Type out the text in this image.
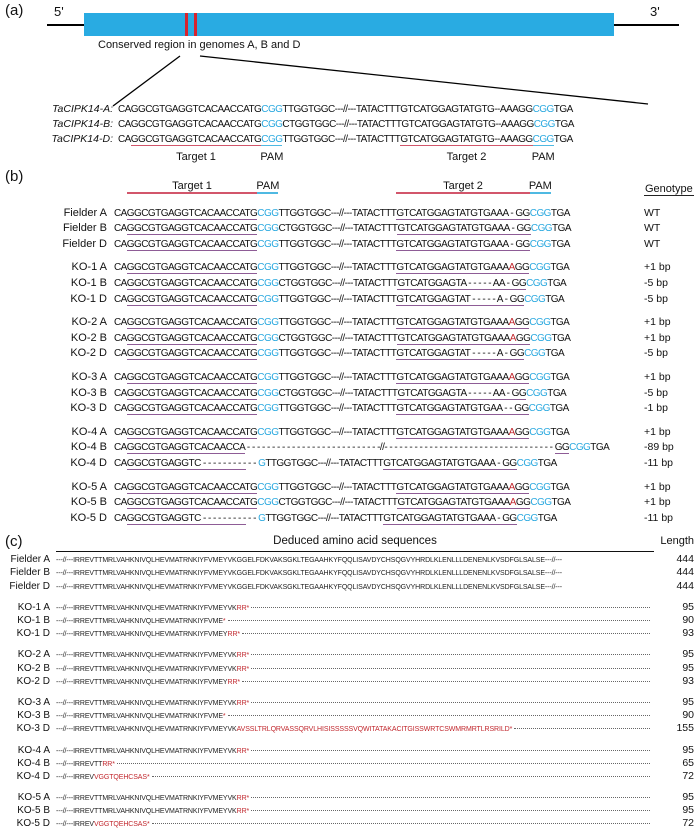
(a) 5'	3'
Conserved region in genomes A, B and D
TaCIPK14-A: CAGGCGTGAGGTCACAACCATGCGGTTGGTGGC---//---TATACTTTGTCATGGAGTATGTG--AAAGGCGGTGA
TaCIPK14-B: CAGGCGTGAGGTCACAACCATGCGGCTGGTGGC---//---TATACTTTGTCATGGAGTATGTG--AAAGGCGGTGA
TaCIPK14-D: CAGGCGTGAGGTCACAACCATGCGGTTGGTGGC---//---TATACTTTGTCATGGAGTATGTG--AAAGGCGGTGA
Target 1	PAM	Target 2	PAM
(b)
Target 1	PAM	Target 2	PAM	Genotype
Fielder A CAGGCGTGAGGTCACAACCATGCGGTTGGTGGC---//---TATACTTTGTCATGGAGTATGTGAAA - GGCGGTGA	WT
Fielder B CAGGCGTGAGGTCACAACCATGCGGCTGGTGGC---//---TATACTTTGTCATGGAGTATGTGAAA - GGCGGTGA	WT
Fielder D CAGGCGTGAGGTCACAACCATGCGGTTGGTGGC---//---TATACTTTGTCATGGAGTATGTGAAA - GGCGGTGA	WT
KO-1 A CAGGCGTGAGGTCACAACCATGCGGTTGGTGGC---//---TATACTTTGTCATGGAGTATGTGAAAAGGCGGTGA	+1 bp
KO-1 B CAGGCGTGAGGTCACAACCATGCGGCTGGTGGC---//---TATACTTTGTCATGGAGTA - - - - - AA - GGCGGTGA	-5 bp
KO-1 D CAGGCGTGAGGTCACAACCATGCGGTTGGTGGC---//---TATACTTTGTCATGGAGTAT - - - - - A - GGCGGTGA	-5 bp
KO-2 A CAGGCGTGAGGTCACAACCATGCGGTTGGTGGC---//---TATACTTTGTCATGGAGTATGTGAAAAGGCGGTGA	+1 bp
KO-2 B CAGGCGTGAGGTCACAACCATGCGGCTGGTGGC---//---TATACTTTGTCATGGAGTATGTGAAAAGGCGGTGA	+1 bp
KO-2 D CAGGCGTGAGGTCACAACCATGCGGTTGGTGGC---//---TATACTTTGTCATGGAGTAT - - - - - A - GGCGGTGA	-5 bp
KO-3 A CAGGCGTGAGGTCACAACCATGCGGTTGGTGGC---//---TATACTTTGTCATGGAGTATGTGAAAAGGCGGTGA	+1 bp
KO-3 B CAGGCGTGAGGTCACAACCATGCGGCTGGTGGC---//---TATACTTTGTCATGGAGTA - - - - - AA - GGCGGTGA	-5 bp
KO-3 D CAGGCGTGAGGTCACAACCATGCGGTTGGTGGC---//---TATACTTTGTCATGGAGTATGTGAA - - GGCGGTGA	-1 bp
KO-4 A CAGGCGTGAGGTCACAACCATGCGGTTGGTGGC---//---TATACTTTGTCATGGAGTATGTGAAAAGGCGGTGA	+1 bp
KO-4 B CAGGCGTGAGGTCACAACCA - - - - - - - - - - - - - - - - - - - - - - - - - - -//- - - - - - - - - - - - - - - - - - - - - - - - - - - - - - - - - - GGCGGTGA	-89 bp
KO-4 D CAGGCGTGAGGTC - - - - - - - - - - - GTTGGTGGC---//---TATACTTTGTCATGGAGTATGTGAAA - GGCGGTGA	-11 bp
KO-5 A CAGGCGTGAGGTCACAACCATGCGGTTGGTGGC---//---TATACTTTGTCATGGAGTATGTGAAAAGGCGGTGA	+1 bp
KO-5 B CAGGCGTGAGGTCACAACCATGCGGCTGGTGGC---//---TATACTTTGTCATGGAGTATGTGAAAAGGCGGTGA	+1 bp
KO-5 D CAGGCGTGAGGTC - - - - - - - - - - - GTTGGTGGC---//---TATACTTTGTCATGGAGTATGTGAAA - GGCGGTGA	-11 bp
(c)	Deduced amino acid sequences	Length
Fielder A ---//---IRREVTTMRLVAHKNIVQLHEVMATRNKIYFVMEYVKGGELFDKVAKSGKLTEGAAHKYFQQLISAVDYCHSQGVYHRDLKLENLLLDENENLKVSDFGLSALSE---//---	444
Fielder B ---//---IRREVTTMRLVAHKNIVQLHEVMATRNKIYFVMEYVKGGELFDKVAKSGKLTEGAAHKYFQQLISAVDYCHSQGVYHRDLKLENLLLDENENLKVSDFGLSALSE---//---	444
Fielder D ---//---IRREVTTMRLVAHKNIVQLHEVMATRNKIYFVMEYVKGGELFDKVAKSGKLTEGAAHKYFQQLISAVDYCHSQGVYHRDLKLENLLLDENENLKVSDFGLSALSE---//---	444
KO-1 A ---//---IRREVTTMRLVAHKNIVQLHEVMATRNKIYFVMEYVK RR*	95
KO-1 B ---//---IRREVTTMRLVAHKNIVQLHEVMATRNKIYFVME *	90
KO-1 D ---//---IRREVTTMRLVAHKNIVQLHEVMATRNKIYFVMEY RR*	93
KO-2 A ---//---IRREVTTMRLVAHKNIVQLHEVMATRNKIYFVMEYVK RR*	95
KO-2 B ---//---IRREVTTMRLVAHKNIVQLHEVMATRNKIYFVMEYVK RR*	95
KO-2 D ---//---IRREVTTMRLVAHKNIVQLHEVMATRNKIYFVMEY RR*	93
KO-3 A ---//---IRREVTTMRLVAHKNIVQLHEVMATRNKIYFVMEYVK RR*	95
KO-3 B ---//---IRREVTTMRLVAHKNIVQLHEVMATRNKIYFVME *	90
KO-3 D ---//---IRREVTTMRLVAHKNIVQLHEVMATRNKIYFVMEYVK AVSSLTRLQRVASSQRVLHISISSSSSVQWITATAKACITGISSWRTCSWMRMRTLRSRILD*	155
KO-4 A ---//---IRREVTTMRLVAHKNIVQLHEVMATRNKIYFVMEYVK RR*	95
KO-4 B ---//---IRREVTT RR*	65
KO-4 D ---//---IRREV VGGTQEHCSAS*	72
KO-5 A ---//---IRREVTTMRLVAHKNIVQLHEVMATRNKIYFVMEYVK RR*	95
KO-5 B ---//---IRREVTTMRLVAHKNIVQLHEVMATRNKIYFVMEYVK RR*	95
KO-5 D ---//---IRREV VGGTQEHCSAS*	72
